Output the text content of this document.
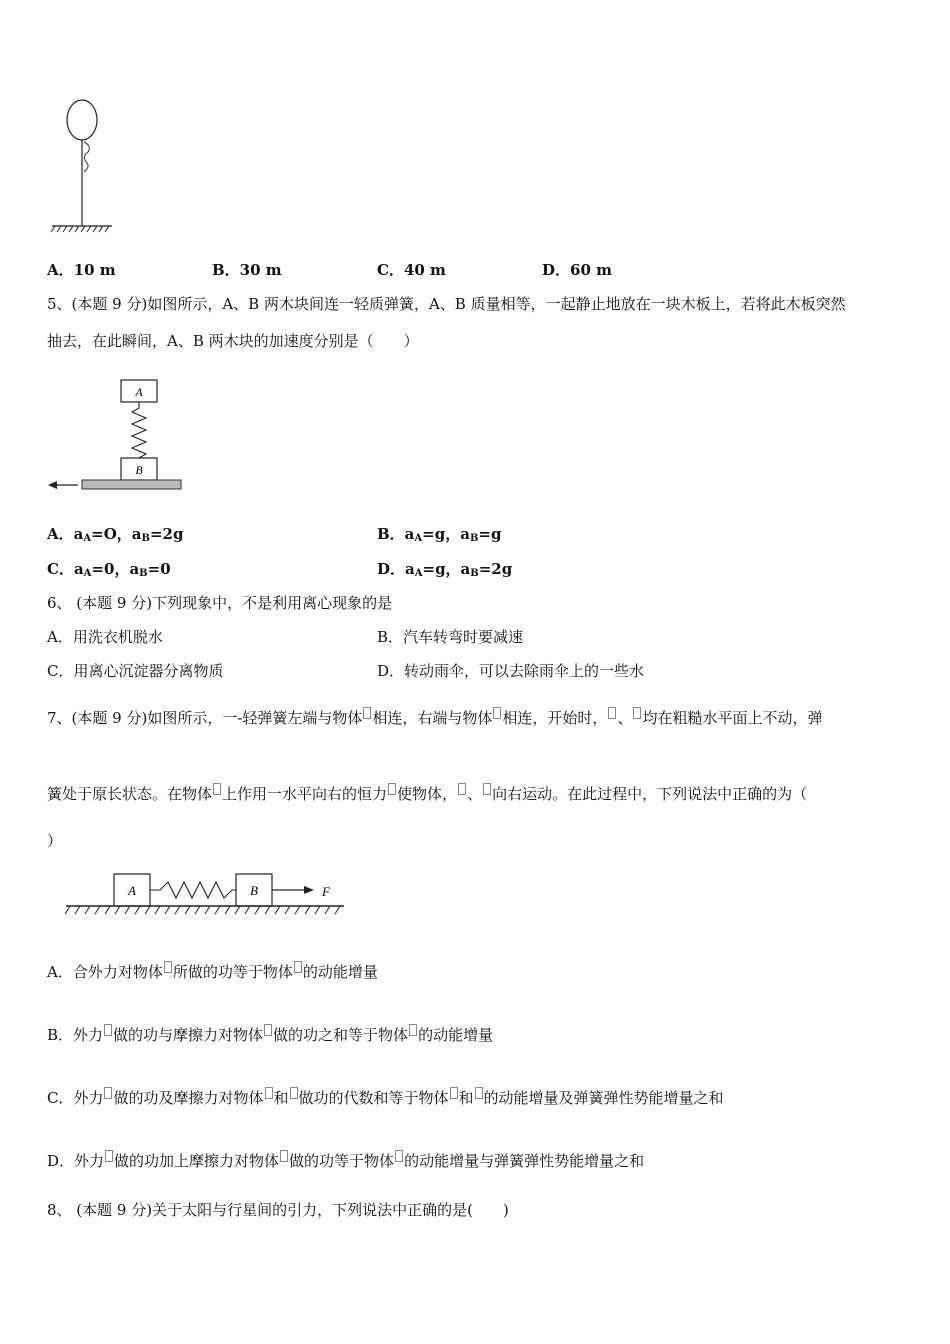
A．10 m	B．30 m	C．40 m	D．60 m
5、(本题 9 分)如图所示，A、B 两木块间连一轻质弹簧，A、B 质量相等，一起静止地放在一块木板上，若将此木板突然
抽去，在此瞬间，A、B 两木块的加速度分别是（　　）
A
B
A．$a_A=O$，$a_B=2g$	B．$a_A=g$，$a_B=g$
C．$a_A=0$，$a_B=0$	D．$a_A=g$，$a_B=2g$
6、 (本题 9 分)下列现象中，不是利用离心现象的是
A．用洗衣机脱水	B．汽车转弯时要减速
C．用离心沉淀器分离物质	D．转动雨伞，可以去除雨伞上的一些水
7、(本题 9 分)如图所示，一-轻弹簧左端与物体 相连，右端与物体 相连，开始时， 、 均在粗糙水平面上不动，弹
簧处于原长状态。在物体 上作用一水平向右的恒力 使物体， 、 向右运动。在此过程中，下列说法中正确的为（
）
A	B	F
A．合外力对物体 所做的功等于物体 的动能增量
B．外力 做的功与摩擦力对物体 做的功之和等于物体 的动能增量
C．外力 做的功及摩擦力对物体 和 做功的代数和等于物体 和 的动能增量及弹簧弹性势能增量之和
D．外力 做的功加上摩擦力对物体 做的功等于物体 的动能增量与弹簧弹性势能增量之和
8、 (本题 9 分)关于太阳与行星间的引力，下列说法中正确的是(　　)
